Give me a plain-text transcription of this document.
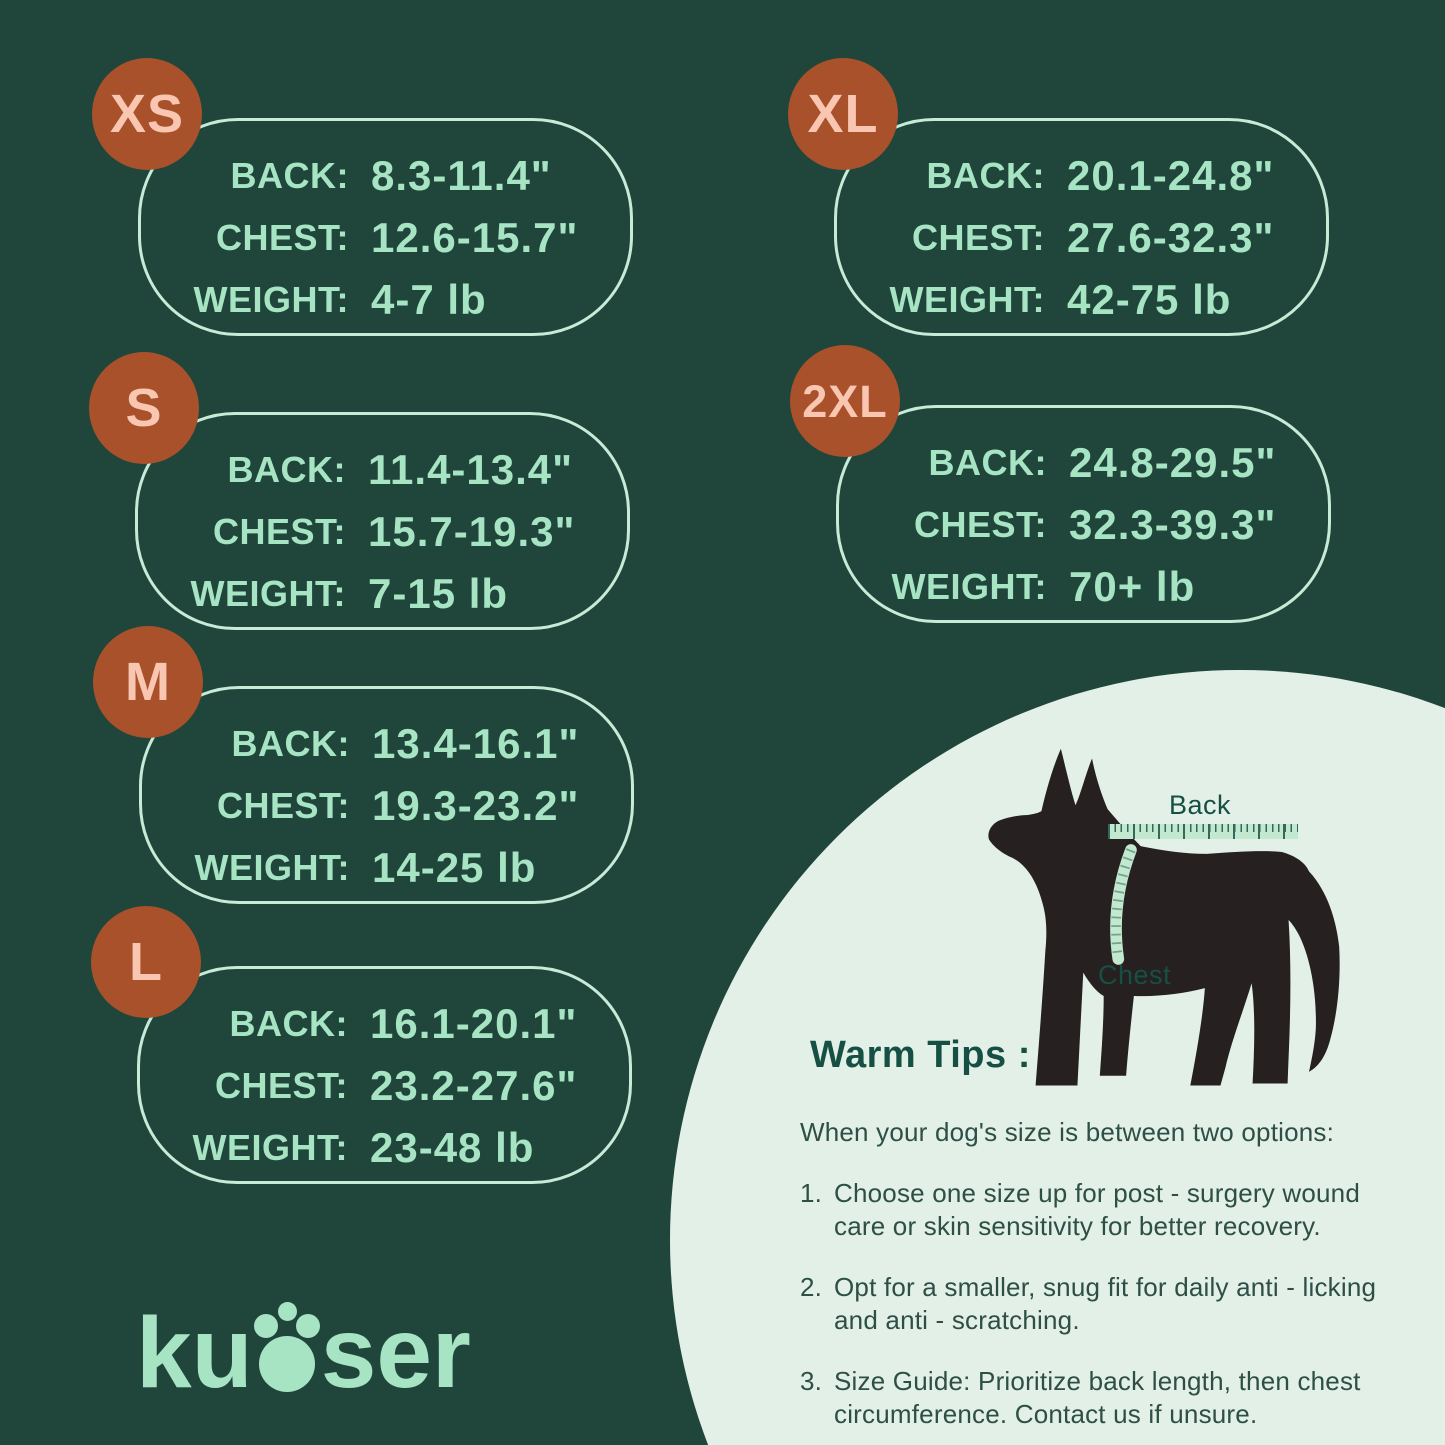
XS
BACK: 8.3-11.4"
CHEST: 12.6-15.7"
WEIGHT: 4-7 lb
S
BACK: 11.4-13.4"
CHEST: 15.7-19.3"
WEIGHT: 7-15 lb
M
BACK: 13.4-16.1"
CHEST: 19.3-23.2"
WEIGHT: 14-25 lb
L
BACK: 16.1-20.1"
CHEST: 23.2-27.6"
WEIGHT: 23-48 lb
XL
BACK: 20.1-24.8"
CHEST: 27.6-32.3"
WEIGHT: 42-75 lb
2XL
BACK: 24.8-29.5"
CHEST: 32.3-39.3"
WEIGHT: 70+ lb
Back
Chest
Warm Tips :
When your dog's size is between two options:
1. Choose one size up for post - surgery wound
care or skin sensitivity for better recovery.
2. Opt for a smaller, snug fit for daily anti - licking
and anti - scratching.
3. Size Guide: Prioritize back length, then chest
circumference. Contact us if unsure.
ku ser
